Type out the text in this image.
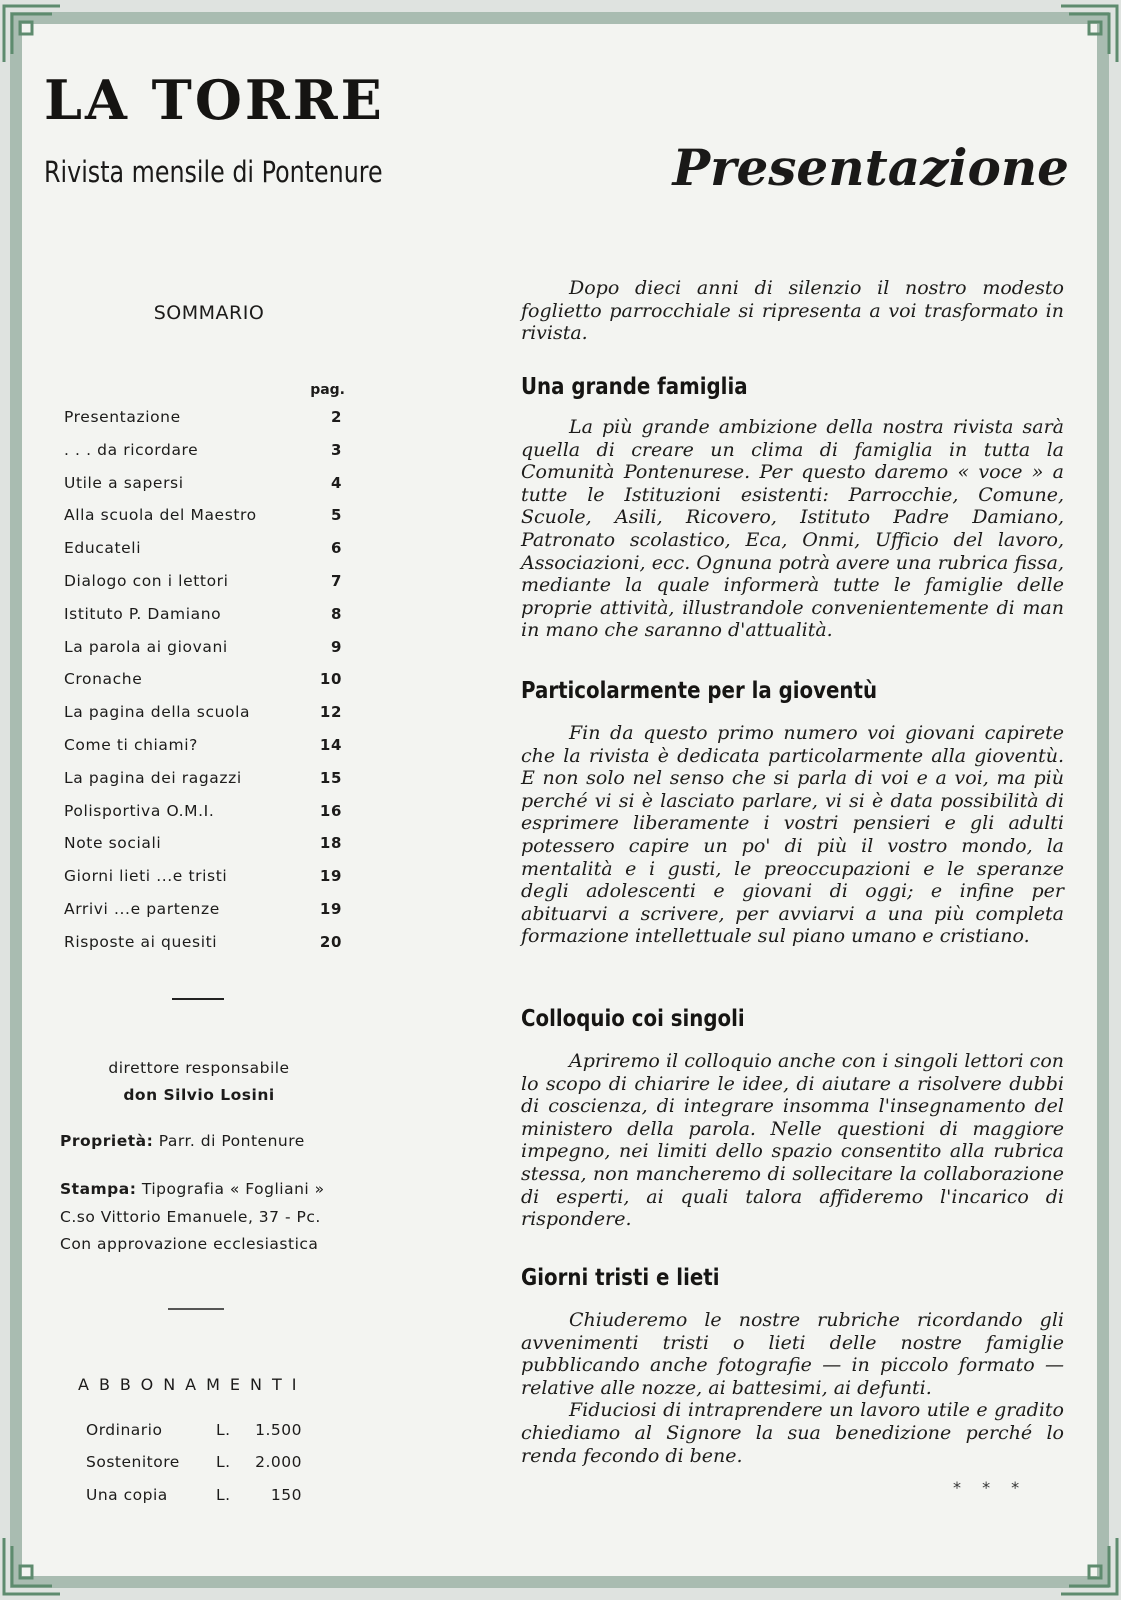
LA TORRE
Rivista mensile di Pontenure	Presentazione
SOMMARIO
pag.
Presentazione	2
. . . da ricordare	3
Utile a sapersi	4
Alla scuola del Maestro	5
Educateli	6
Dialogo con i lettori	7
Istituto P. Damiano	8
La parola ai giovani	9
Cronache	10
La pagina della scuola	12
Come ti chiami?	14
La pagina dei ragazzi	15
Polisportiva O.M.I.	16
Note sociali	18
Giorni lieti ...e tristi	19
Arrivi ...e partenze	19
Risposte ai quesiti	20
direttore responsabile
don Silvio Losini
Proprietà: Parr. di Pontenure
Stampa: Tipografia « Fogliani »
C.so Vittorio Emanuele, 37 - Pc.
Con approvazione ecclesiastica
ABBONAMENTI
Ordinario	L. 1.500
Sostenitore L. 2.000
Una copia	L.	150

Dopo dieci anni di silenzio il nostro modesto foglietto parrocchiale si ripresenta a voi trasformato in rivista.

Una grande famiglia

La più grande ambizione della nostra rivista sarà quella di creare un clima di famiglia in tutta la Comunità Pontenurese. Per questo daremo « voce » a tutte le Istituzioni esistenti: Parrocchie, Comune, Scuole, Asili, Ricovero, Istituto Padre Damiano, Patronato scolastico, Eca, Onmi, Ufficio del lavoro, Associazioni, ecc. Ognuna potrà avere una rubrica fissa, mediante la quale informerà tutte le famiglie delle proprie attività, illustrandole convenientemente di man in mano che saranno d'attualità.

Particolarmente per la gioventù

Fin da questo primo numero voi giovani capirete che la rivista è dedicata particolarmente alla gioventù. E non solo nel senso che si parla di voi e a voi, ma più perché vi si è lasciato parlare, vi si è data possibilità di esprimere liberamente i vostri pensieri e gli adulti potessero capire un po' di più il vostro mondo, la mentalità e i gusti, le preoccupazioni e le speranze degli adolescenti e giovani di oggi; e infine per abituarvi a scrivere, per avviarvi a una più completa formazione intellettuale sul piano umano e cristiano.

Colloquio coi singoli

Apriremo il colloquio anche con i singoli lettori con lo scopo di chiarire le idee, di aiutare a risolvere dubbi di coscienza, di integrare insomma l'insegnamento del ministero della parola. Nelle questioni di maggiore impegno, nei limiti dello spazio consentito alla rubrica stessa, non mancheremo di sollecitare la collaborazione di esperti, ai quali talora affideremo l'incarico di rispondere.

Giorni tristi e lieti

Chiuderemo le nostre rubriche ricordando gli avvenimenti tristi o lieti delle nostre famiglie pubblicando anche fotografie — in piccolo formato — relative alle nozze, ai battesimi, ai defunti.

Fiduciosi di intraprendere un lavoro utile e gradito chiediamo al Signore la sua benedizione perché lo renda fecondo di bene.

* * *
